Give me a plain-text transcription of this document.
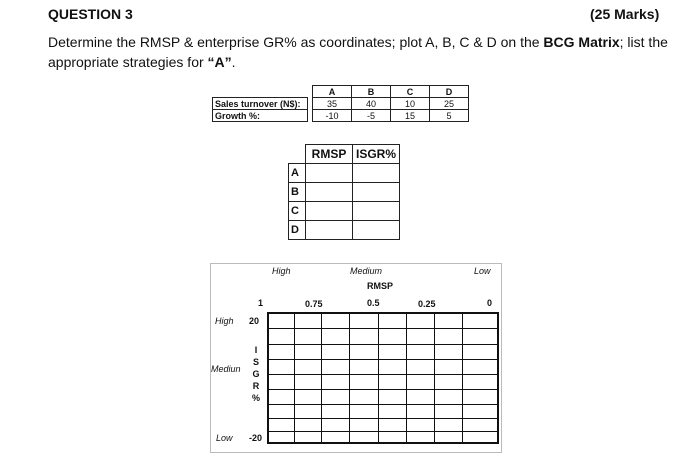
QUESTION 3	(25 Marks)
Determine the RMSP & enterprise GR% as coordinates; plot A, B, C & D on the BCG Matrix; list the appropriate strategies for “A”.
		A	B	C	D
Sales turnover (N$):		35	40	10	25
Growth %:		-10	-5	15	5
	RMSP	ISGR%
A		
B		
C		
D		
High	Medium	Low
RMSP
1	0.75	0.5	0.25	0
High 20
Mediun
Low -20
I
S
G
R
%
